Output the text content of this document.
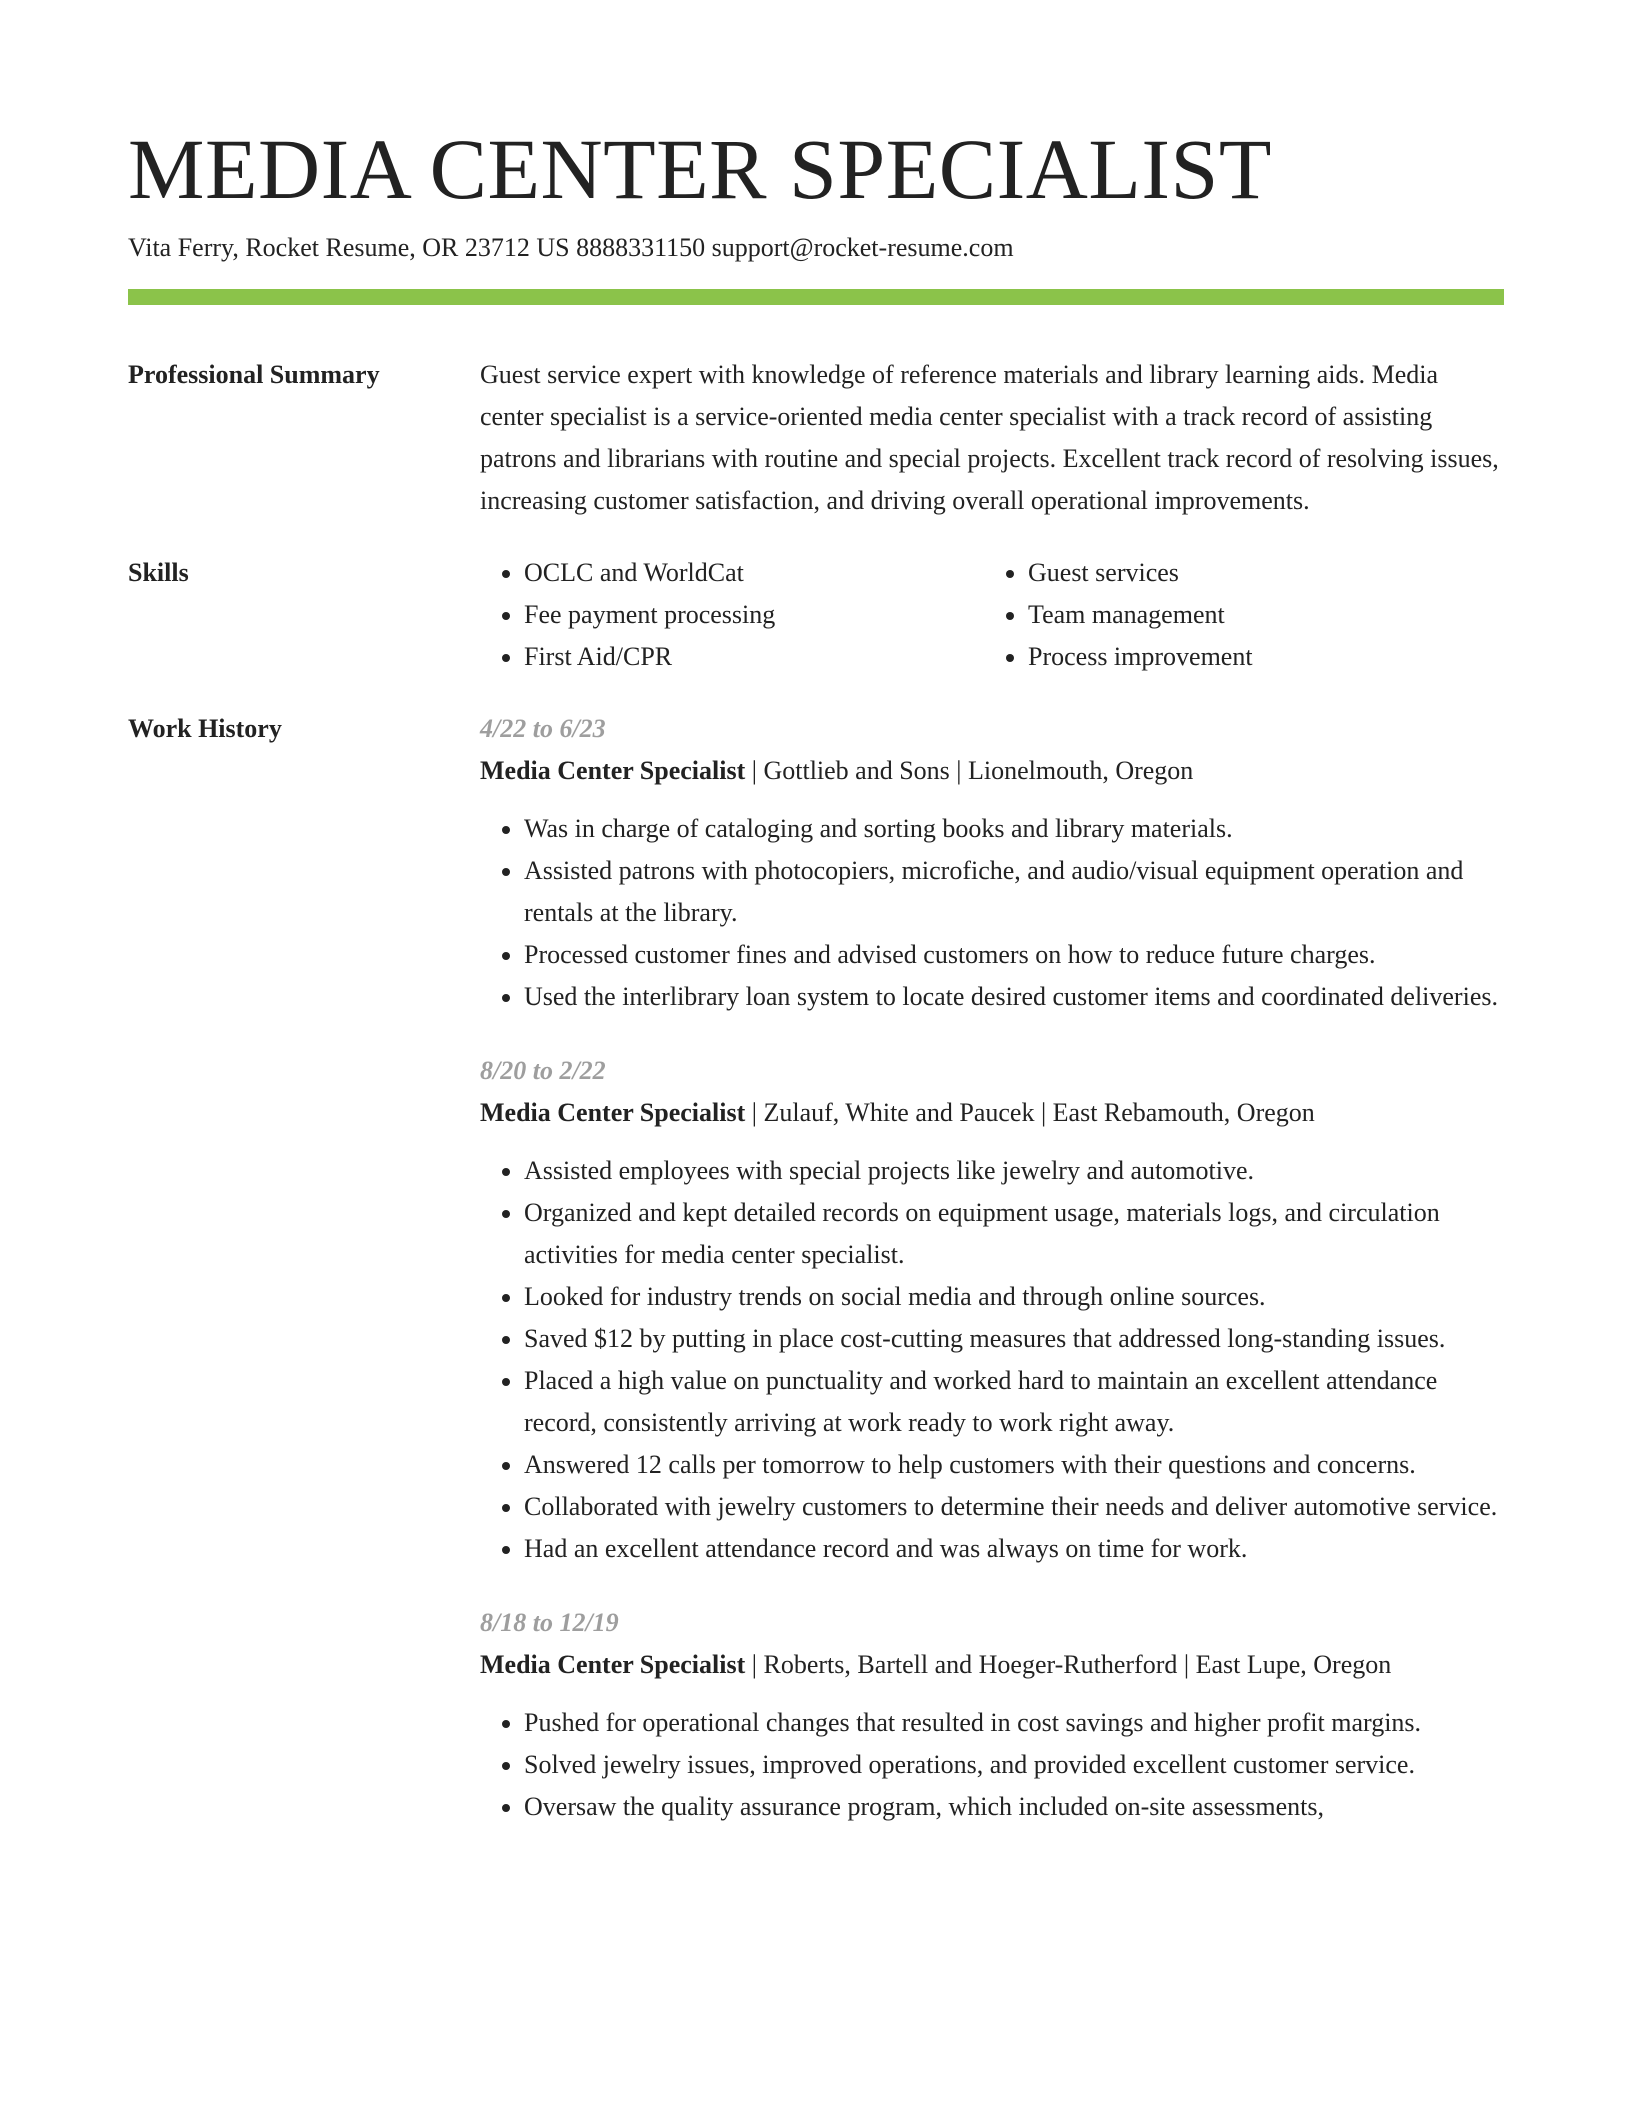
MEDIA CENTER SPECIALIST
Vita Ferry, Rocket Resume, OR 23712 US 8888331150 support@rocket-resume.com
Professional Summary	Guest service expert with knowledge of reference materials and library learning aids. Media center specialist is a service-oriented media center specialist with a track record of assisting patrons and librarians with routine and special projects. Excellent track record of resolving issues, increasing customer satisfaction, and driving overall operational improvements.

Skills
•	OCLC and WorldCat
• Fee payment processing
• First Aid/CPR
• Guest services
• Team management
• Process improvement
Work History	4/22 to 6/23
Media Center Specialist | Gottlieb and Sons | Lionelmouth, Oregon
• Was in charge of cataloging and sorting books and library materials.
• Assisted patrons with photocopiers, microfiche, and audio/visual equipment operation and rentals at the library.
• Processed customer fines and advised customers on how to reduce future charges.
• Used the interlibrary loan system to locate desired customer items and coordinated deliveries.
8/20 to 2/22
Media Center Specialist | Zulauf, White and Paucek | East Rebamouth, Oregon
• Assisted employees with special projects like jewelry and automotive.
• Organized and kept detailed records on equipment usage, materials logs, and circulation activities for media center specialist.
• Looked for industry trends on social media and through online sources.
• Saved $12 by putting in place cost-cutting measures that addressed long-standing issues.
• Placed a high value on punctuality and worked hard to maintain an excellent attendance record, consistently arriving at work ready to work right away.
• Answered 12 calls per tomorrow to help customers with their questions and concerns.
• Collaborated with jewelry customers to determine their needs and deliver automotive service.
• Had an excellent attendance record and was always on time for work.
8/18 to 12/19
Media Center Specialist | Roberts, Bartell and Hoeger-Rutherford | East Lupe, Oregon
• Pushed for operational changes that resulted in cost savings and higher profit margins.
• Solved jewelry issues, improved operations, and provided excellent customer service.
• Oversaw the quality assurance program, which included on-site assessments,
